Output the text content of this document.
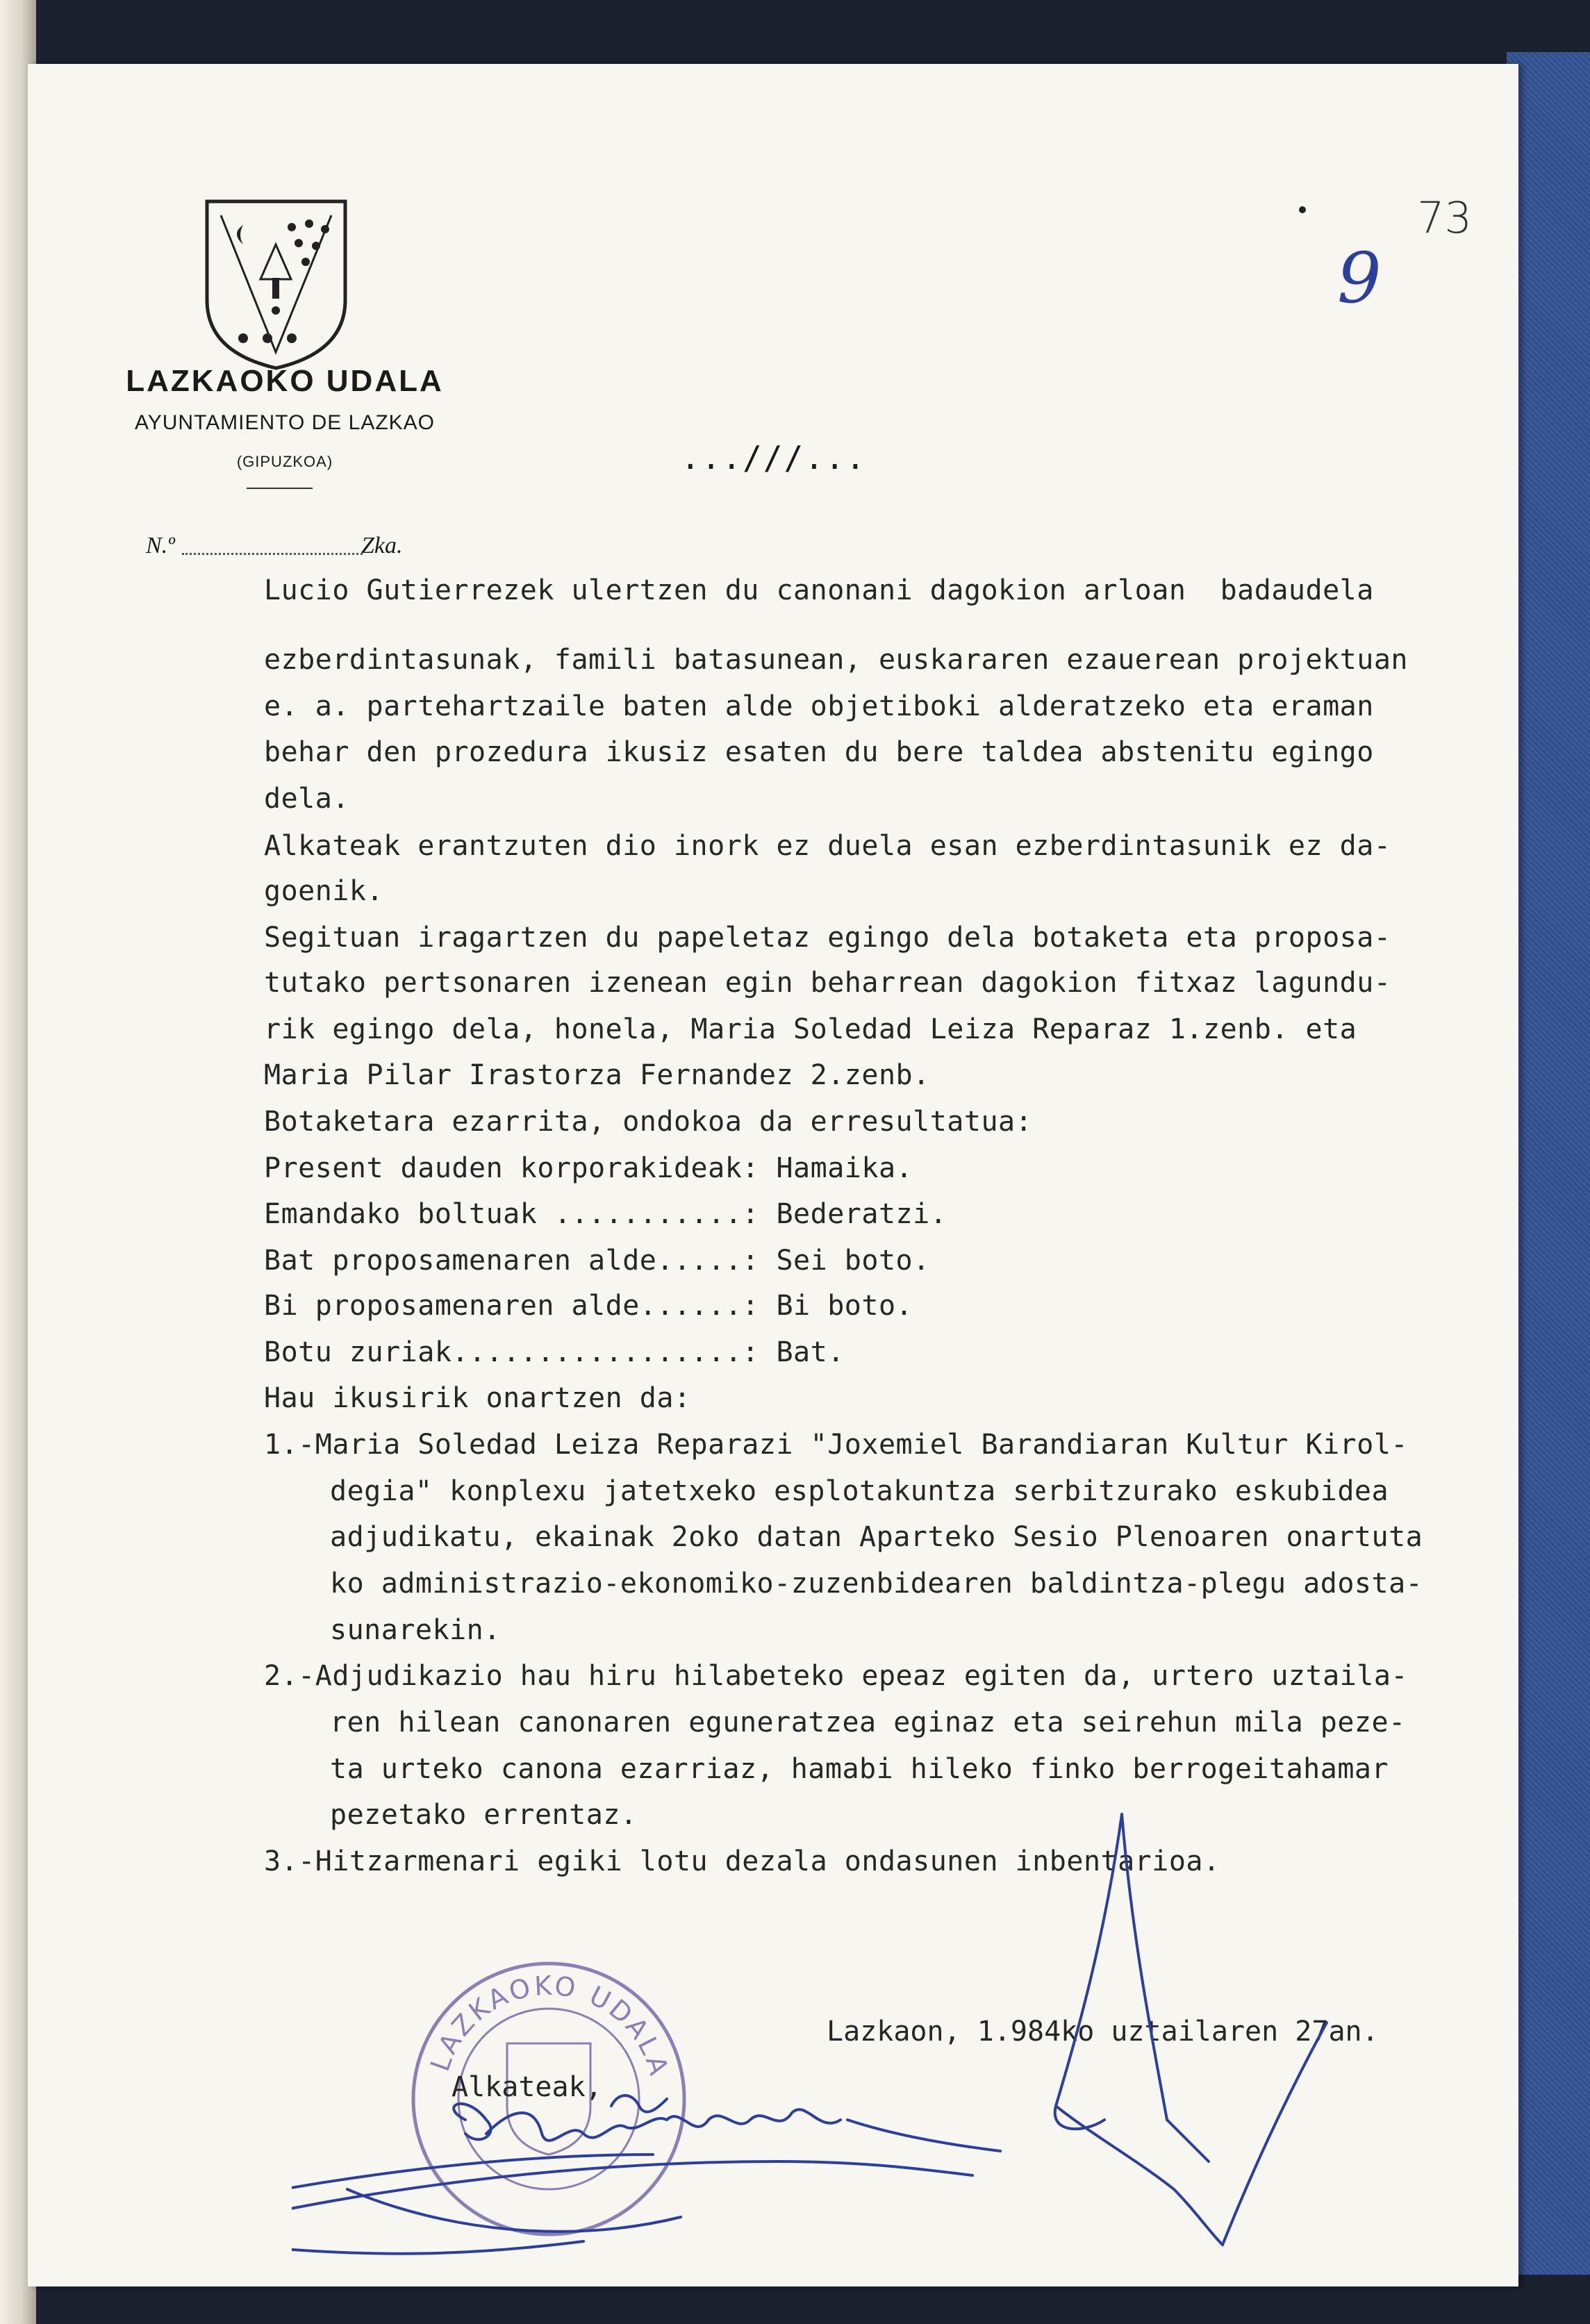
LAZKAOKO UDALA
AYUNTAMIENTO DE LAZKAO
(GIPUZKOA)	...///...
73
9
N.º	Zka.
Lucio Gutierrezek ulertzen du canonani dagokion arloan  badaudela
ezberdintasunak, famili batasunean, euskararen ezauerean projektuan
e. a. partehartzaile baten alde objetiboki alderatzeko eta eraman
behar den prozedura ikusiz esaten du bere taldea abstenitu egingo
dela.
Alkateak erantzuten dio inork ez duela esan ezberdintasunik ez da-
goenik.
Segituan iragartzen du papeletaz egingo dela botaketa eta proposa-
tutako pertsonaren izenean egin beharrean dagokion fitxaz lagundu-
rik egingo dela, honela, Maria Soledad Leiza Reparaz 1.zenb. eta
Maria Pilar Irastorza Fernandez 2.zenb.
Botaketara ezarrita, ondokoa da erresultatua:
Present dauden korporakideak: Hamaika.
Emandako boltuak ...........: Bederatzi.
Bat proposamenaren alde.....: Sei boto.
Bi proposamenaren alde......: Bi boto.
Botu zuriak.................: Bat.
Hau ikusirik onartzen da:
1.-Maria Soledad Leiza Reparazi "Joxemiel Barandiaran Kultur Kirol-
degia" konplexu jatetxeko esplotakuntza serbitzurako eskubidea
adjudikatu, ekainak 2oko datan Aparteko Sesio Plenoaren onartuta
ko administrazio-ekonomiko-zuzenbidearen baldintza-plegu adosta-
sunarekin.
2.-Adjudikazio hau hiru hilabeteko epeaz egiten da, urtero uztaila-
ren hilean canonaren eguneratzea eginaz eta seirehun mila peze-
ta urteko canona ezarriaz, hamabi hileko finko berrogeitahamar
pezetako errentaz.
3.-Hitzarmenari egiki lotu dezala ondasunen inbentarioa.
Lazkaon, 1.984ko uztailaren 27an.
LAZKAOKO UDALA
Alkateak,
